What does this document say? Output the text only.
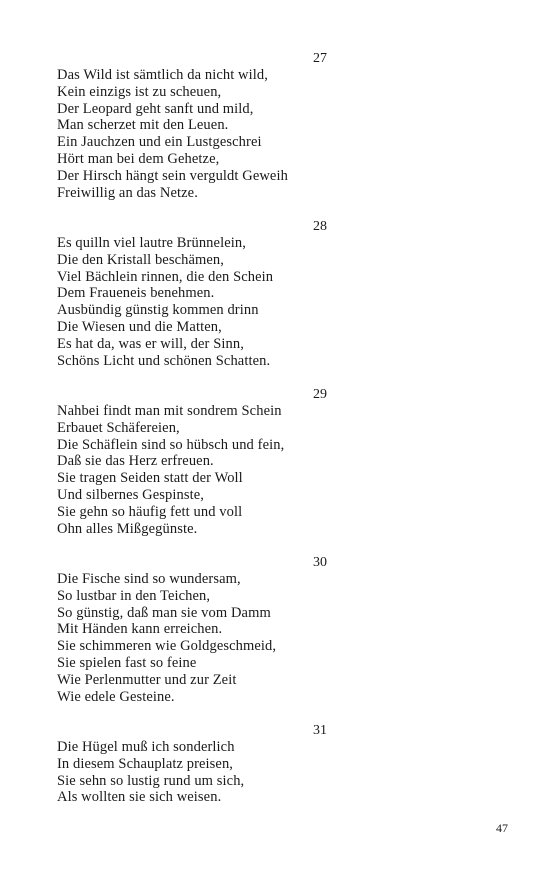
27
Das Wild ist sämtlich da nicht wild,
Kein einzigs ist zu scheuen,
Der Leopard geht sanft und mild,
Man scherzet mit den Leuen.
Ein Jauchzen und ein Lustgeschrei
Hört man bei dem Gehetze,
Der Hirsch hängt sein verguldt Geweih
Freiwillig an das Netze.
28
Es quilln viel lautre Brünnelein,
Die den Kristall beschämen,
Viel Bächlein rinnen, die den Schein
Dem Fraueneis benehmen.
Ausbündig günstig kommen drinn
Die Wiesen und die Matten,
Es hat da, was er will, der Sinn,
Schöns Licht und schönen Schatten.
29
Nahbei findt man mit sondrem Schein
Erbauet Schäfereien,
Die Schäflein sind so hübsch und fein,
Daß sie das Herz erfreuen.
Sie tragen Seiden statt der Woll
Und silbernes Gespinste,
Sie gehn so häufig fett und voll
Ohn alles Mißgegünste.
30
Die Fische sind so wundersam,
So lustbar in den Teichen,
So günstig, daß man sie vom Damm
Mit Händen kann erreichen.
Sie schimmeren wie Goldgeschmeid,
Sie spielen fast so feine
Wie Perlenmutter und zur Zeit
Wie edele Gesteine.
31
Die Hügel muß ich sonderlich
In diesem Schauplatz preisen,
Sie sehn so lustig rund um sich,
Als wollten sie sich weisen.
47
